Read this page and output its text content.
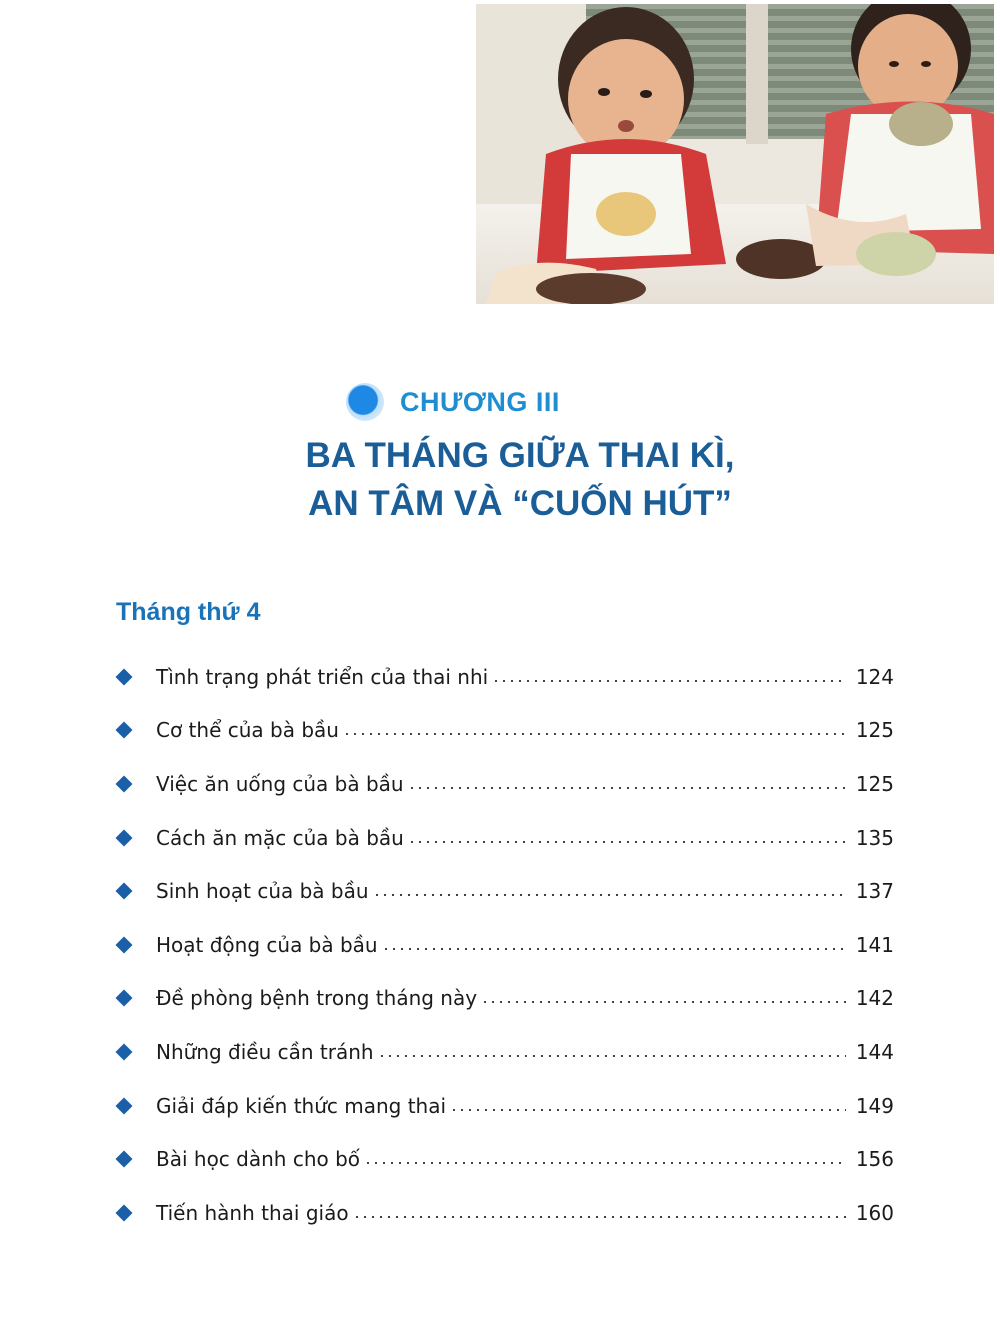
CHƯƠNG III
BA THÁNG GIỮA THAI KÌ,
AN TÂM VÀ “CUỐN HÚT”
Tháng thứ 4
Tình trạng phát triển của thai nhi	124
Cơ thể của bà bầu	125
Việc ăn uống của bà bầu	125
Cách ăn mặc của bà bầu	135
Sinh hoạt của bà bầu	137
Hoạt động của bà bầu	141
Đề phòng bệnh trong tháng này	142
Những điều cần tránh	144
Giải đáp kiến thức mang thai	149
Bài học dành cho bố	156
Tiến hành thai giáo	160
